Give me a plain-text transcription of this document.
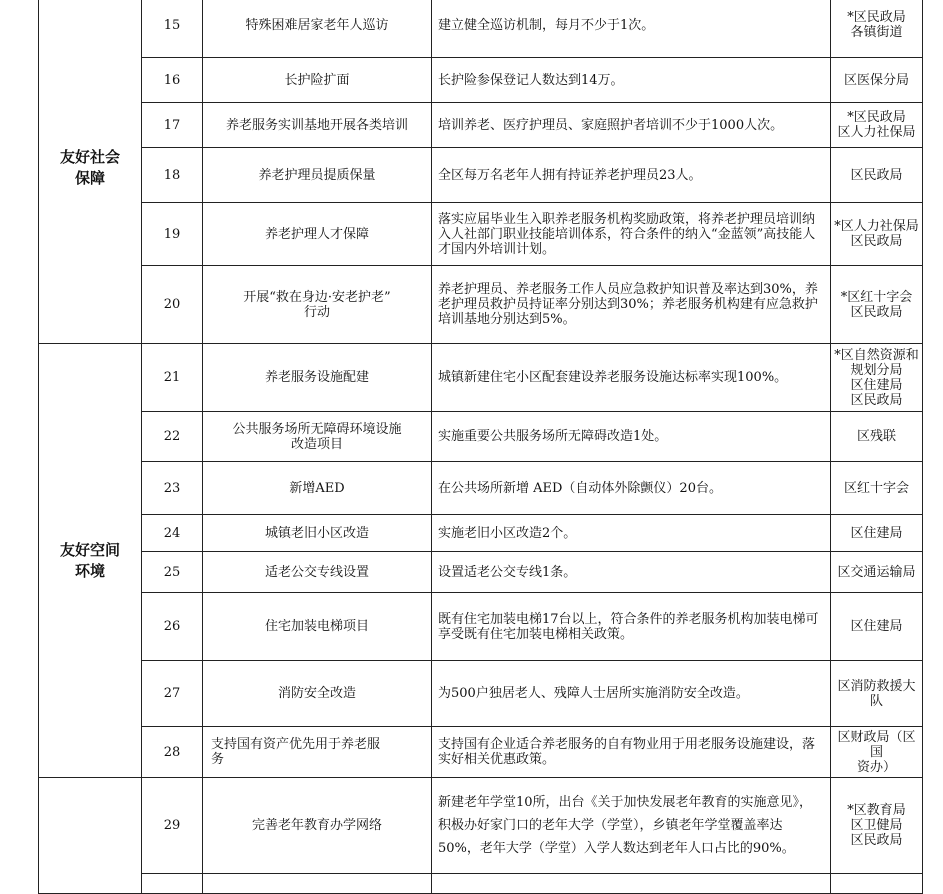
友好社会
保障	15	特殊困难居家老年人巡访	建立健全巡访机制，每月不少于1次。	*区民政局
各镇街道

	16	长护险扩面	长护险参保登记人数达到14万。	区医保分局

	17	养老服务实训基地开展各类培训	培训养老、医疗护理员、家庭照护者培训不少于1000人次。	*区民政局
区人力社保局

	18	养老护理员提质保量	全区每万名老年人拥有持证养老护理员23人。	区民政局

	19	养老护理人才保障	落实应届毕业生入职养老服务机构奖励政策，将养老护理员培训纳入人社部门职业技能培训体系，符合条件的纳入“金蓝领”高技能人才国内外培训计划。	*区人力社保局
区民政局

	20	开展“救在身边·安老护老”
行动	养老护理员、养老服务工作人员应急救护知识普及率达到30%，养老护理员救护员持证率分别达到30%；养老服务机构建有应急救护培训基地分别达到5%。	*区红十字会
区民政局

友好空间
环境	21	养老服务设施配建	城镇新建住宅小区配套建设养老服务设施达标率实现100%。	*区自然资源和
规划分局
区住建局
区民政局

	22	公共服务场所无障碍环境设施
改造项目	实施重要公共服务场所无障碍改造1处。	区残联

	23	新增AED	在公共场所新增 AED（自动体外除颤仪）20台。	区红十字会

	24	城镇老旧小区改造	实施老旧小区改造2个。	区住建局

	25	适老公交专线设置	设置适老公交专线1条。	区交通运输局

	26	住宅加装电梯项目	既有住宅加装电梯17台以上，符合条件的养老服务机构加装电梯可享受既有住宅加装电梯相关政策。	区住建局

	27	消防安全改造	为500户独居老人、残障人士居所实施消防安全改造。	区消防救援大队

	28	支持国有资产优先用于养老服
务	支持国有企业适合养老服务的自有物业用于用老服务设施建设，落实好相关优惠政策。	区财政局（区国
资办）

	29	完善老年教育办学网络	新建老年学堂10所，出台《关于加快发展老年教育的实施意见》，积极办好家门口的老年大学（学堂），乡镇老年学堂覆盖率达50%，老年大学（学堂）入学人数达到老年人口占比的90%。	*区教育局
区卫健局
区民政局
